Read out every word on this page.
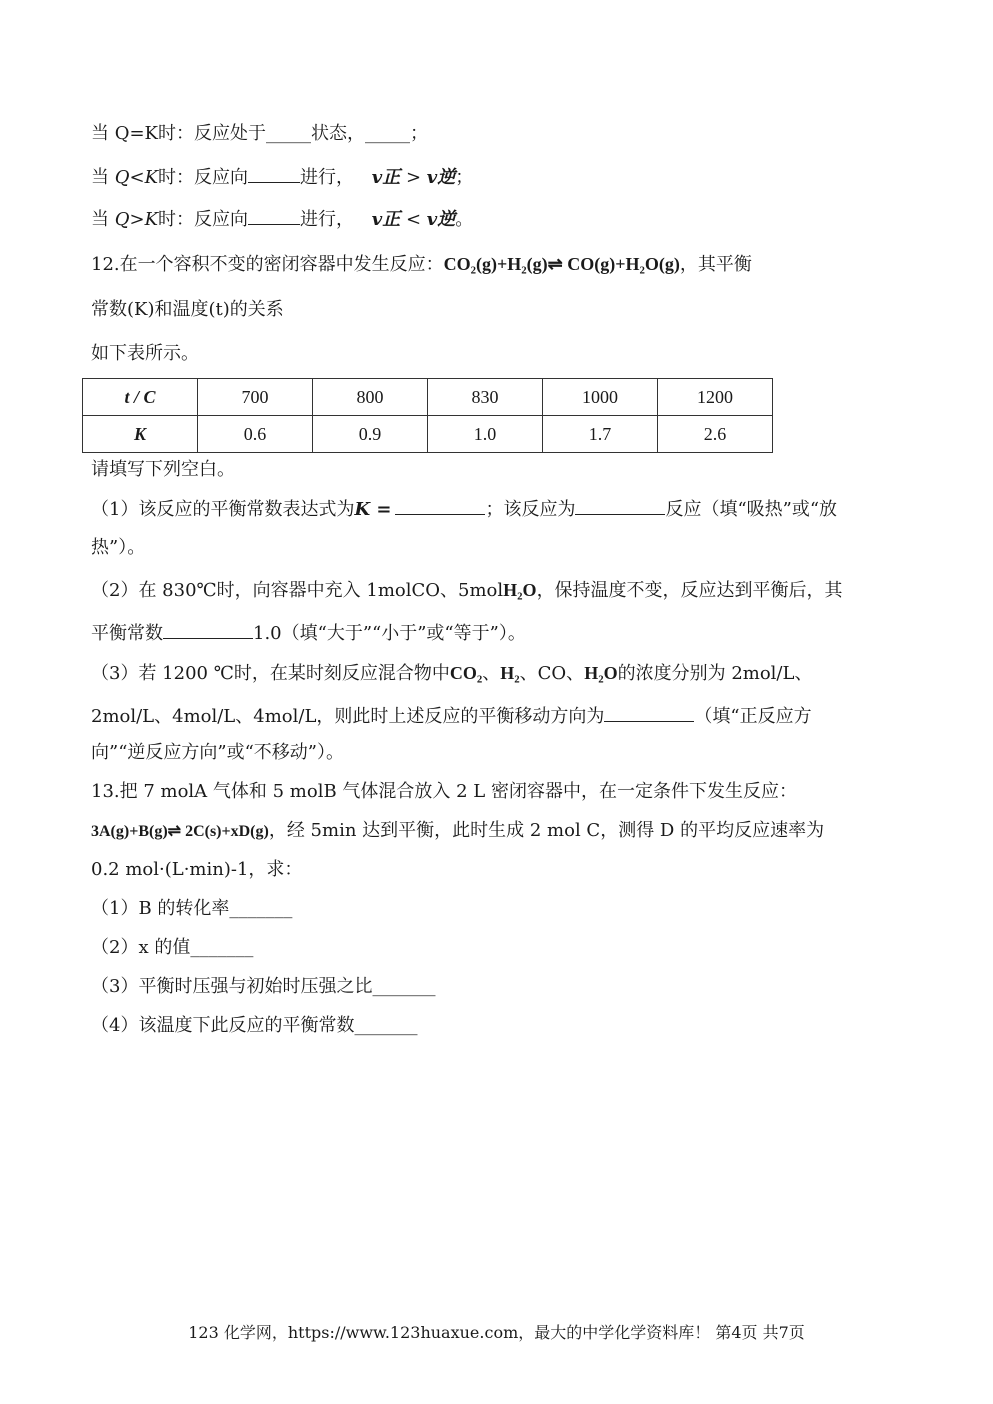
当 Q=K时：反应处于_____状态，_____；
当 Q<K时：反应向	进行， v正 > v逆；
当 Q>K时：反应向	进行， v正 < v逆。
12.在一个容积不变的密闭容器中发生反应：CO₂(g)+H₂(g)⇌ CO(g)+H₂O(g)，其平衡
常数(K)和温度(t)的关系
如下表所示。
t / C	700	800	830	1000	1200
K	0.6	0.9	1.0	1.7	2.6
请填写下列空白。
（1）该反应的平衡常数表达式为K =	；该反应为	反应（填“吸热”或“放
热”）。
（2）在 830℃时，向容器中充入 1molCO、5molH₂O，保持温度不变，反应达到平衡后，其
平衡常数	1.0（填“大于”“小于”或“等于”）。
（3）若 1200 ℃时，在某时刻反应混合物中CO₂、H₂、CO、H₂O的浓度分别为 2mol/L、
2mol/L、4mol/L、4mol/L，则此时上述反应的平衡移动方向为	（填“正反应方
向”“逆反应方向”或“不移动”）。
13.把 7 molA 气体和 5 molB 气体混合放入 2 L 密闭容器中，在一定条件下发生反应：
3A(g)+B(g)⇌ 2C(s)+xD(g)，经 5min 达到平衡，此时生成 2 mol C，测得 D 的平均反应速率为
0.2 mol·(L·min)-1，求：
（1）B 的转化率_______
（2）x 的值_______
（3）平衡时压强与初始时压强之比_______
（4）该温度下此反应的平衡常数_______
123 化学网，https://www.123huaxue.com，最大的中学化学资料库！ 第4页 共7页
